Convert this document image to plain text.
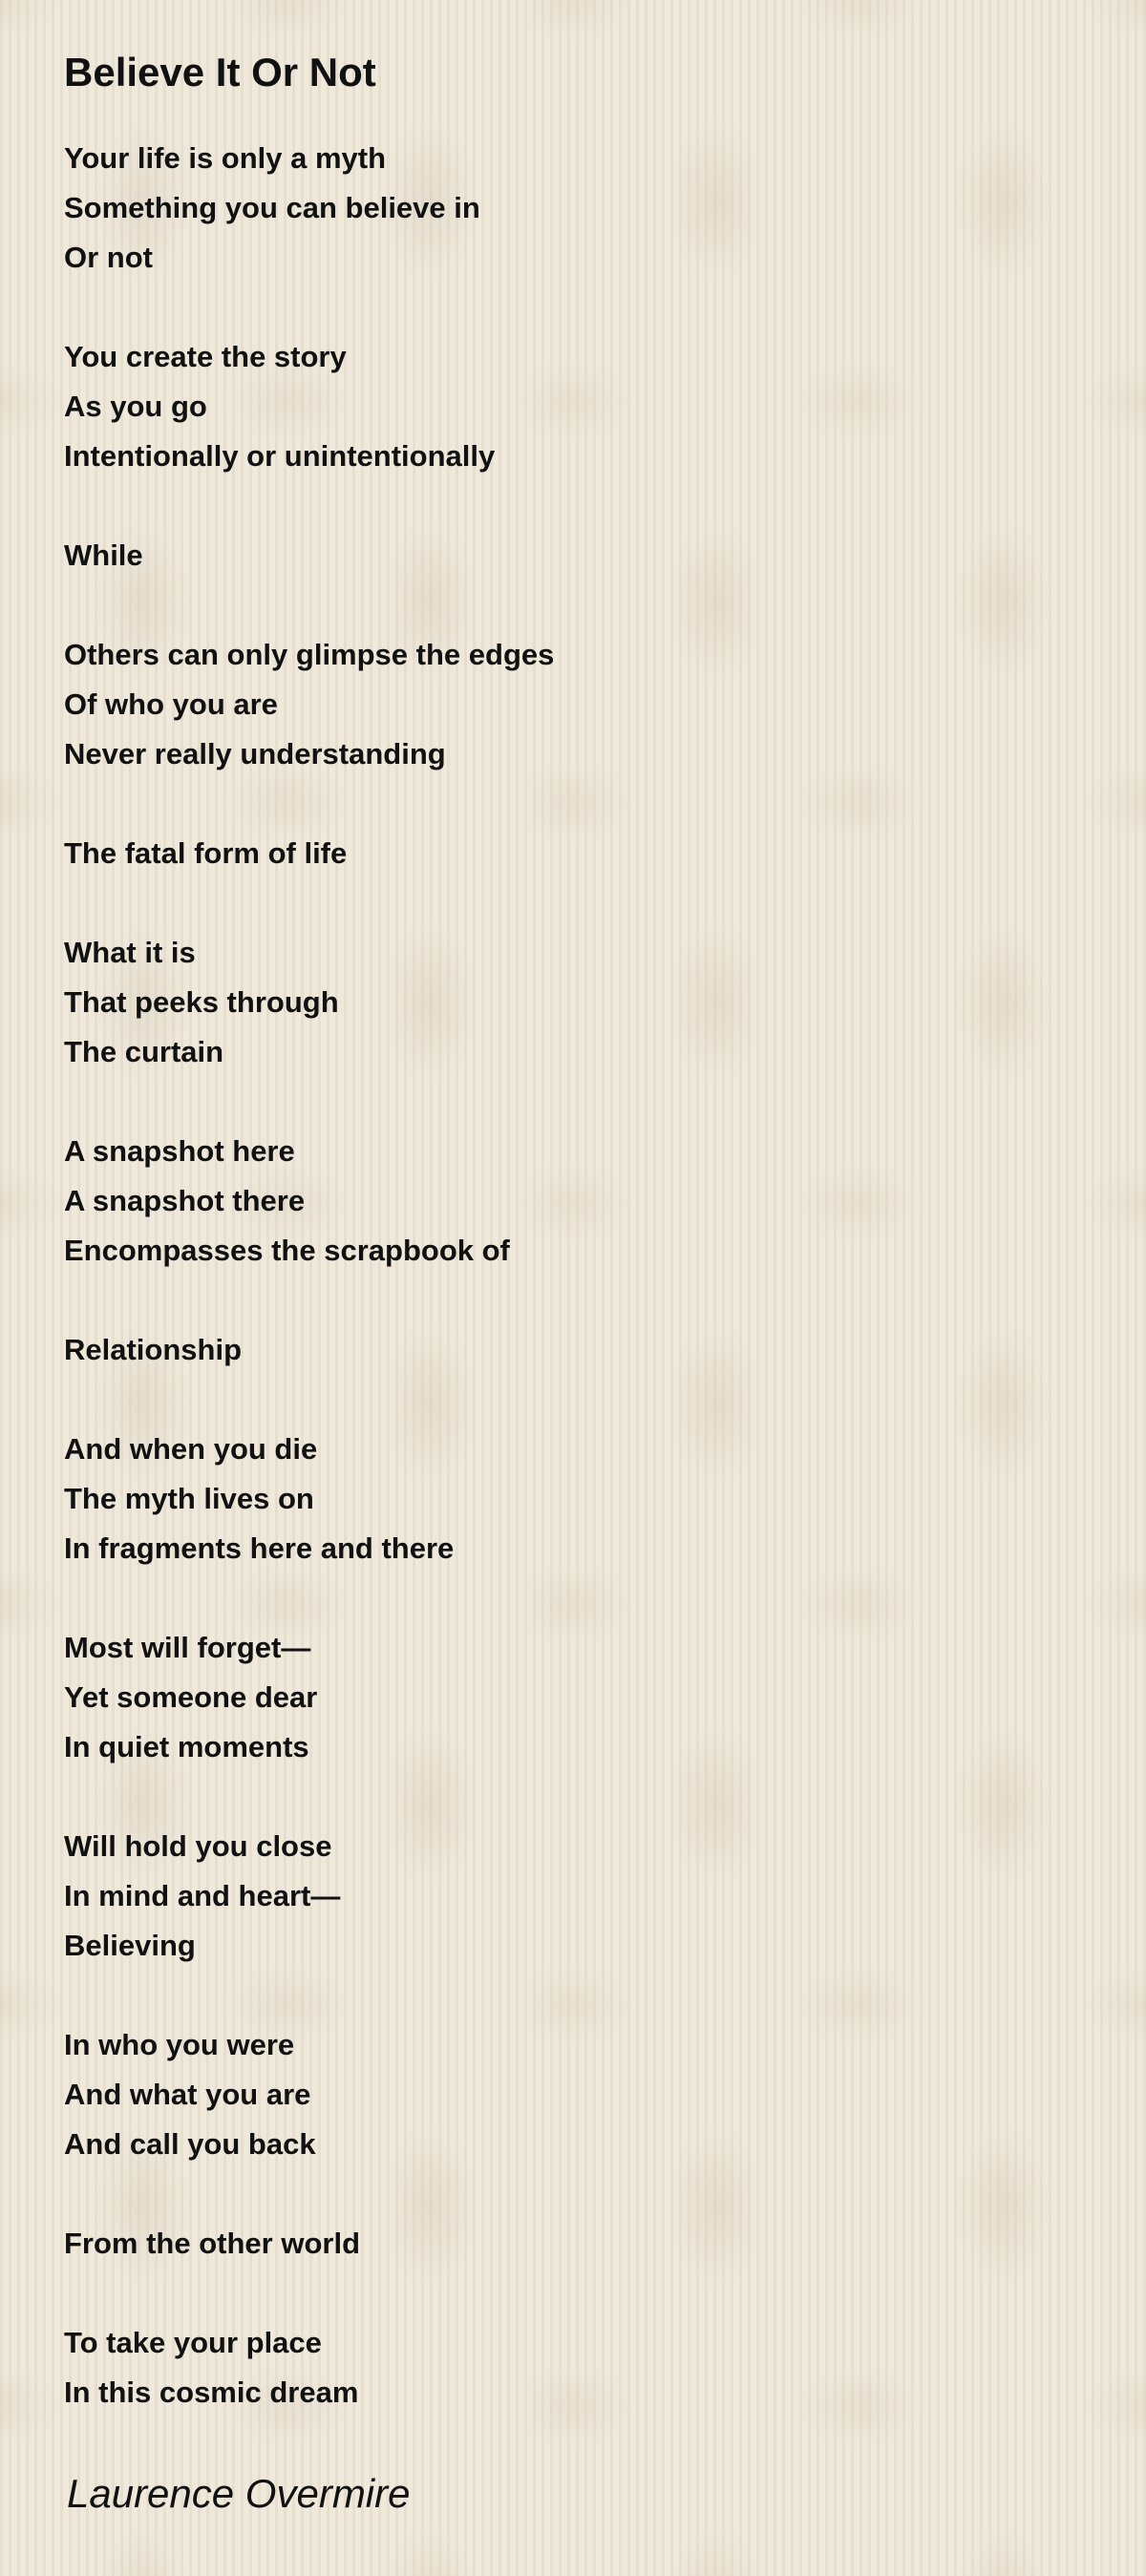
Believe It Or Not
Your life is only a myth
Something you can believe in
Or not
You create the story
As you go
Intentionally or unintentionally
While
Others can only glimpse the edges
Of who you are
Never really understanding
The fatal form of life
What it is
That peeks through
The curtain
A snapshot here
A snapshot there
Encompasses the scrapbook of
Relationship
And when you die
The myth lives on
In fragments here and there
Most will forget—
Yet someone dear
In quiet moments
Will hold you close
In mind and heart—
Believing
In who you were
And what you are
And call you back
From the other world
To take your place
In this cosmic dream
Laurence Overmire
